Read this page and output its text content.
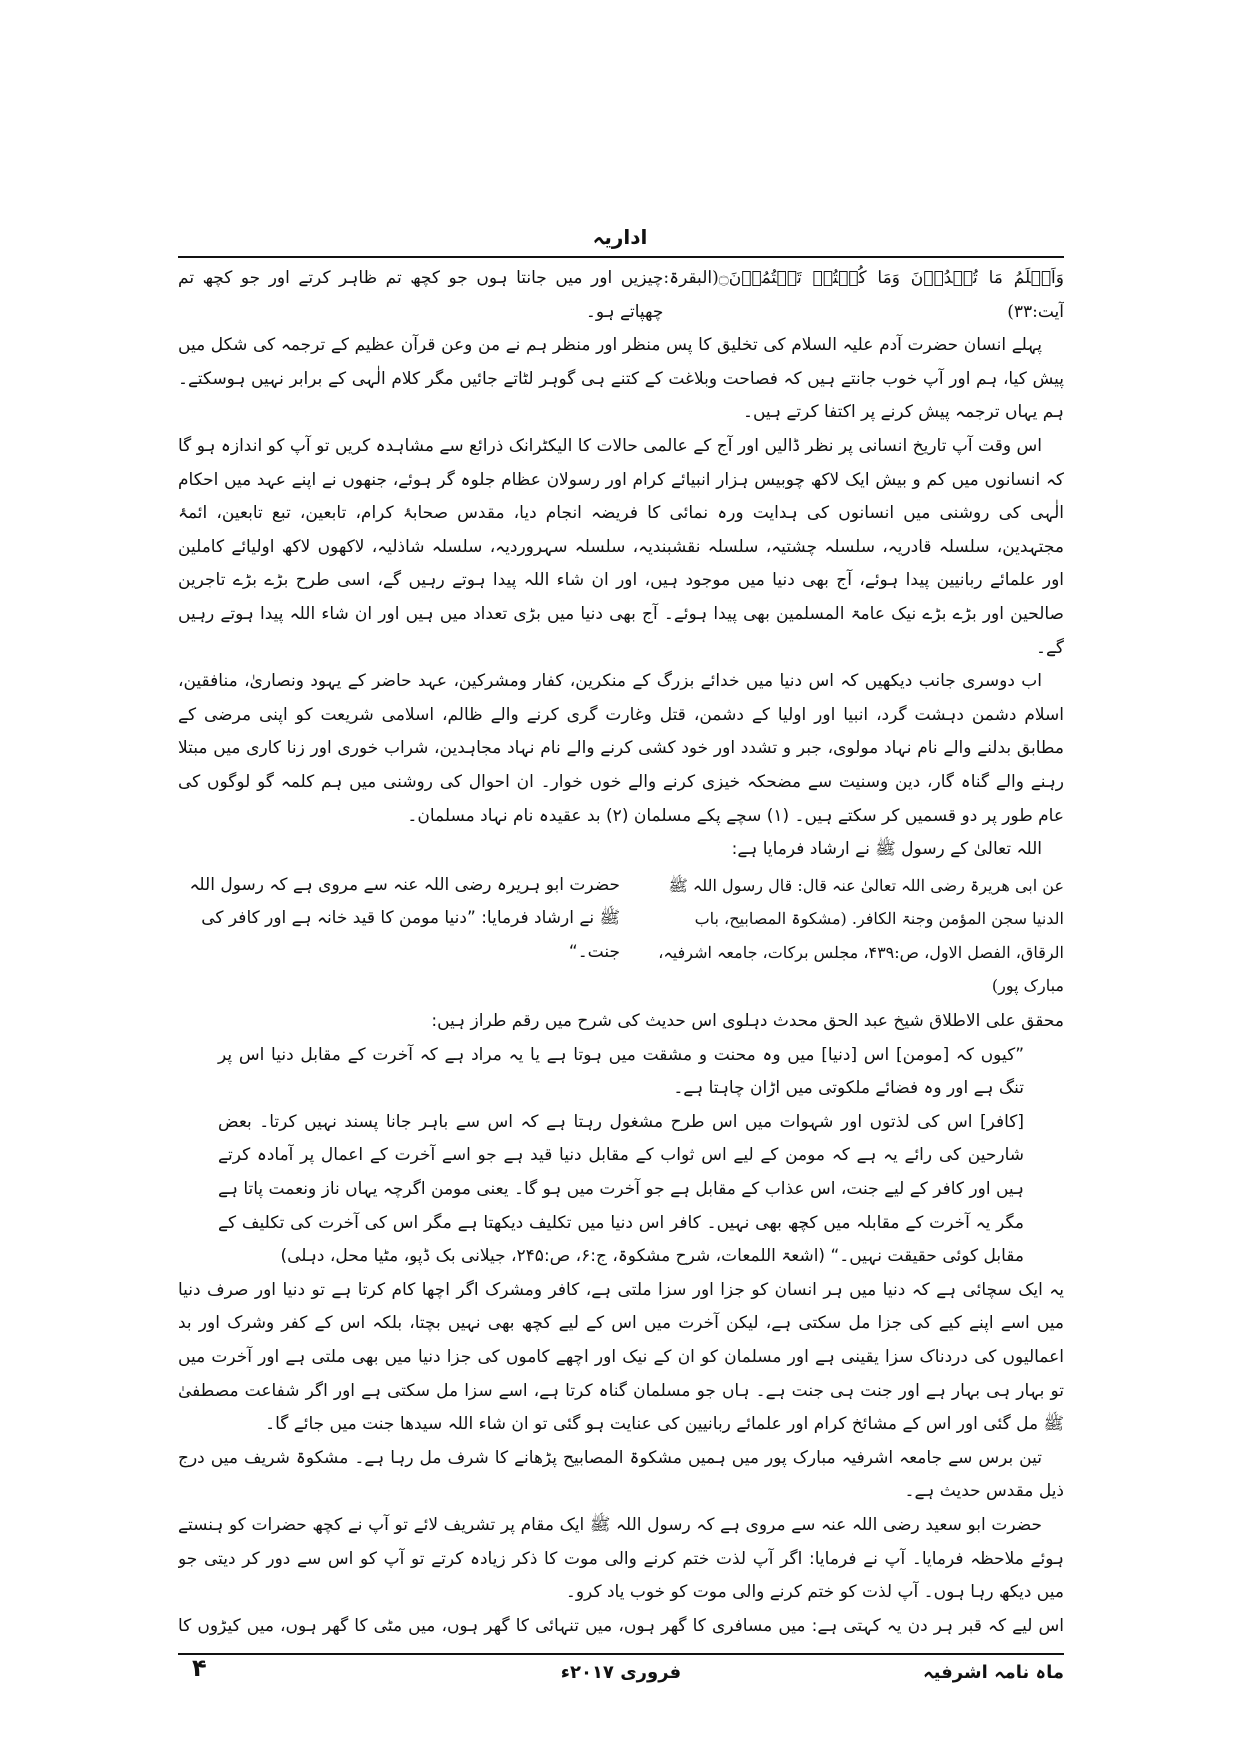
اداریہ
وَاَعۡلَمُ مَا تُبۡدُوۡنَ وَمَا كُنۡتُمۡ تَكۡتُمُوۡنَ۝(البقرۃ: آیت:۳۳)
چیزیں اور میں جانتا ہوں جو کچھ تم ظاہر کرتے اور جو کچھ تم چھپاتے ہو۔

پہلے انسان حضرت آدم علیہ السلام کی تخلیق کا پس منظر اور منظر ہم نے من وعن قرآن عظیم کے ترجمہ کی شکل میں پیش کیا، ہم اور آپ خوب جانتے ہیں کہ فصاحت وبلاغت کے کتنے ہی گوہر لٹاتے جائیں مگر کلام الٰہی کے برابر نہیں ہوسکتے۔ ہم یہاں ترجمہ پیش کرنے پر اکتفا کرتے ہیں۔

اس وقت آپ تاریخ انسانی پر نظر ڈالیں اور آج کے عالمی حالات کا الیکٹرانک ذرائع سے مشاہدہ کریں تو آپ کو اندازہ ہو گا کہ انسانوں میں کم و بیش ایک لاکھ چوبیس ہزار انبیائے کرام اور رسولان عظام جلوہ گر ہوئے، جنھوں نے اپنے عہد میں احکام الٰہی کی روشنی میں انسانوں کی ہدایت ورہ نمائی کا فریضہ انجام دیا، مقدس صحابۂ کرام، تابعین، تبع تابعین، ائمۂ مجتہدین، سلسلہ قادریہ، سلسلہ چشتیہ، سلسلہ نقشبندیہ، سلسلہ سہروردیہ، سلسلہ شاذلیہ، لاکھوں لاکھ اولیائے کاملین اور علمائے ربانیین پیدا ہوئے، آج بھی دنیا میں موجود ہیں، اور ان شاء اللہ پیدا ہوتے رہیں گے، اسی طرح بڑے بڑے تاجرین صالحین اور بڑے بڑے نیک عامۃ المسلمین بھی پیدا ہوئے۔ آج بھی دنیا میں بڑی تعداد میں ہیں اور ان شاء اللہ پیدا ہوتے رہیں گے۔

اب دوسری جانب دیکھیں کہ اس دنیا میں خدائے بزرگ کے منکرین، کفار ومشرکین، عہد حاضر کے یہود ونصاریٰ، منافقین، اسلام دشمن دہشت گرد، انبیا اور اولیا کے دشمن، قتل وغارت گری کرنے والے ظالم، اسلامی شریعت کو اپنی مرضی کے مطابق بدلنے والے نام نہاد مولوی، جبر و تشدد اور خود کشی کرنے والے نام نہاد مجاہدین، شراب خوری اور زنا کاری میں مبتلا رہنے والے گناہ گار، دین وسنیت سے مضحکہ خیزی کرنے والے خوں خوار۔ ان احوال کی روشنی میں ہم کلمہ گو لوگوں کی عام طور پر دو قسمیں کر سکتے ہیں۔ (۱) سچے پکے مسلمان (۲) بد عقیدہ نام نہاد مسلمان۔

اللہ تعالیٰ کے رسول ﷺ نے ارشاد فرمایا ہے:

عن ابی ھریرۃ رضی اللہ تعالیٰ عنہ قال: قال رسول اللہ ﷺ الدنیا سجن المؤمن وجنۃ الکافر. (مشکوۃ المصابیح، باب الرقاق، الفصل الاول، ص:۴۳۹، مجلس برکات، جامعہ اشرفیہ، مبارک پور)
حضرت ابو ہریرہ رضی اللہ عنہ سے مروی ہے کہ رسول اللہ ﷺ نے ارشاد فرمایا: ”دنیا مومن کا قید خانہ ہے اور کافر کی جنت۔“

محقق علی الاطلاق شیخ عبد الحق محدث دہلوی اس حدیث کی شرح میں رقم طراز ہیں:

”کیوں کہ [مومن] اس [دنیا] میں وہ محنت و مشقت میں ہوتا ہے یا یہ مراد ہے کہ آخرت کے مقابل دنیا اس پر تنگ ہے اور وہ فضائے ملکوتی میں اڑان چاہتا ہے۔

[کافر] اس کی لذتوں اور شہوات میں اس طرح مشغول رہتا ہے کہ اس سے باہر جانا پسند نہیں کرتا۔ بعض شارحین کی رائے یہ ہے کہ مومن کے لیے اس ثواب کے مقابل دنیا قید ہے جو اسے آخرت کے اعمال پر آمادہ کرتے ہیں اور کافر کے لیے جنت، اس عذاب کے مقابل ہے جو آخرت میں ہو گا۔ یعنی مومن اگرچہ یہاں ناز ونعمت پاتا ہے مگر یہ آخرت کے مقابلہ میں کچھ بھی نہیں۔ کافر اس دنیا میں تکلیف دیکھتا ہے مگر اس کی آخرت کی تکلیف کے مقابل کوئی حقیقت نہیں۔“ (اشعۃ اللمعات، شرح مشکوۃ، ج:۶، ص:۲۴۵، جیلانی بک ڈپو، مٹیا محل، دہلی)

یہ ایک سچائی ہے کہ دنیا میں ہر انسان کو جزا اور سزا ملتی ہے، کافر ومشرک اگر اچھا کام کرتا ہے تو دنیا اور صرف دنیا میں اسے اپنے کیے کی جزا مل سکتی ہے، لیکن آخرت میں اس کے لیے کچھ بھی نہیں بچتا، بلکہ اس کے کفر وشرک اور بد اعمالیوں کی دردناک سزا یقینی ہے اور مسلمان کو ان کے نیک اور اچھے کاموں کی جزا دنیا میں بھی ملتی ہے اور آخرت میں تو بہار ہی بہار ہے اور جنت ہی جنت ہے۔ ہاں جو مسلمان گناہ کرتا ہے، اسے سزا مل سکتی ہے اور اگر شفاعت مصطفیٰ ﷺ مل گئی اور اس کے مشائخ کرام اور علمائے ربانیین کی عنایت ہو گئی تو ان شاء اللہ سیدھا جنت میں جائے گا۔

تین برس سے جامعہ اشرفیہ مبارک پور میں ہمیں مشکوۃ المصابیح پڑھانے کا شرف مل رہا ہے۔ مشکوۃ شریف میں درج ذیل مقدس حدیث ہے۔

حضرت ابو سعید رضی اللہ عنہ سے مروی ہے کہ رسول اللہ ﷺ ایک مقام پر تشریف لائے تو آپ نے کچھ حضرات کو ہنستے ہوئے ملاحظہ فرمایا۔ آپ نے فرمایا: اگر آپ لذت ختم کرنے والی موت کا ذکر زیادہ کرتے تو آپ کو اس سے دور کر دیتی جو میں دیکھ رہا ہوں۔ آپ لذت کو ختم کرنے والی موت کو خوب یاد کرو۔

اس لیے کہ قبر ہر دن یہ کہتی ہے: میں مسافری کا گھر ہوں، میں تنہائی کا گھر ہوں، میں مٹی کا گھر ہوں، میں کیڑوں کا

ماہ نامہ اشرفیہ
فروری ۲۰۱۷ء
۴
